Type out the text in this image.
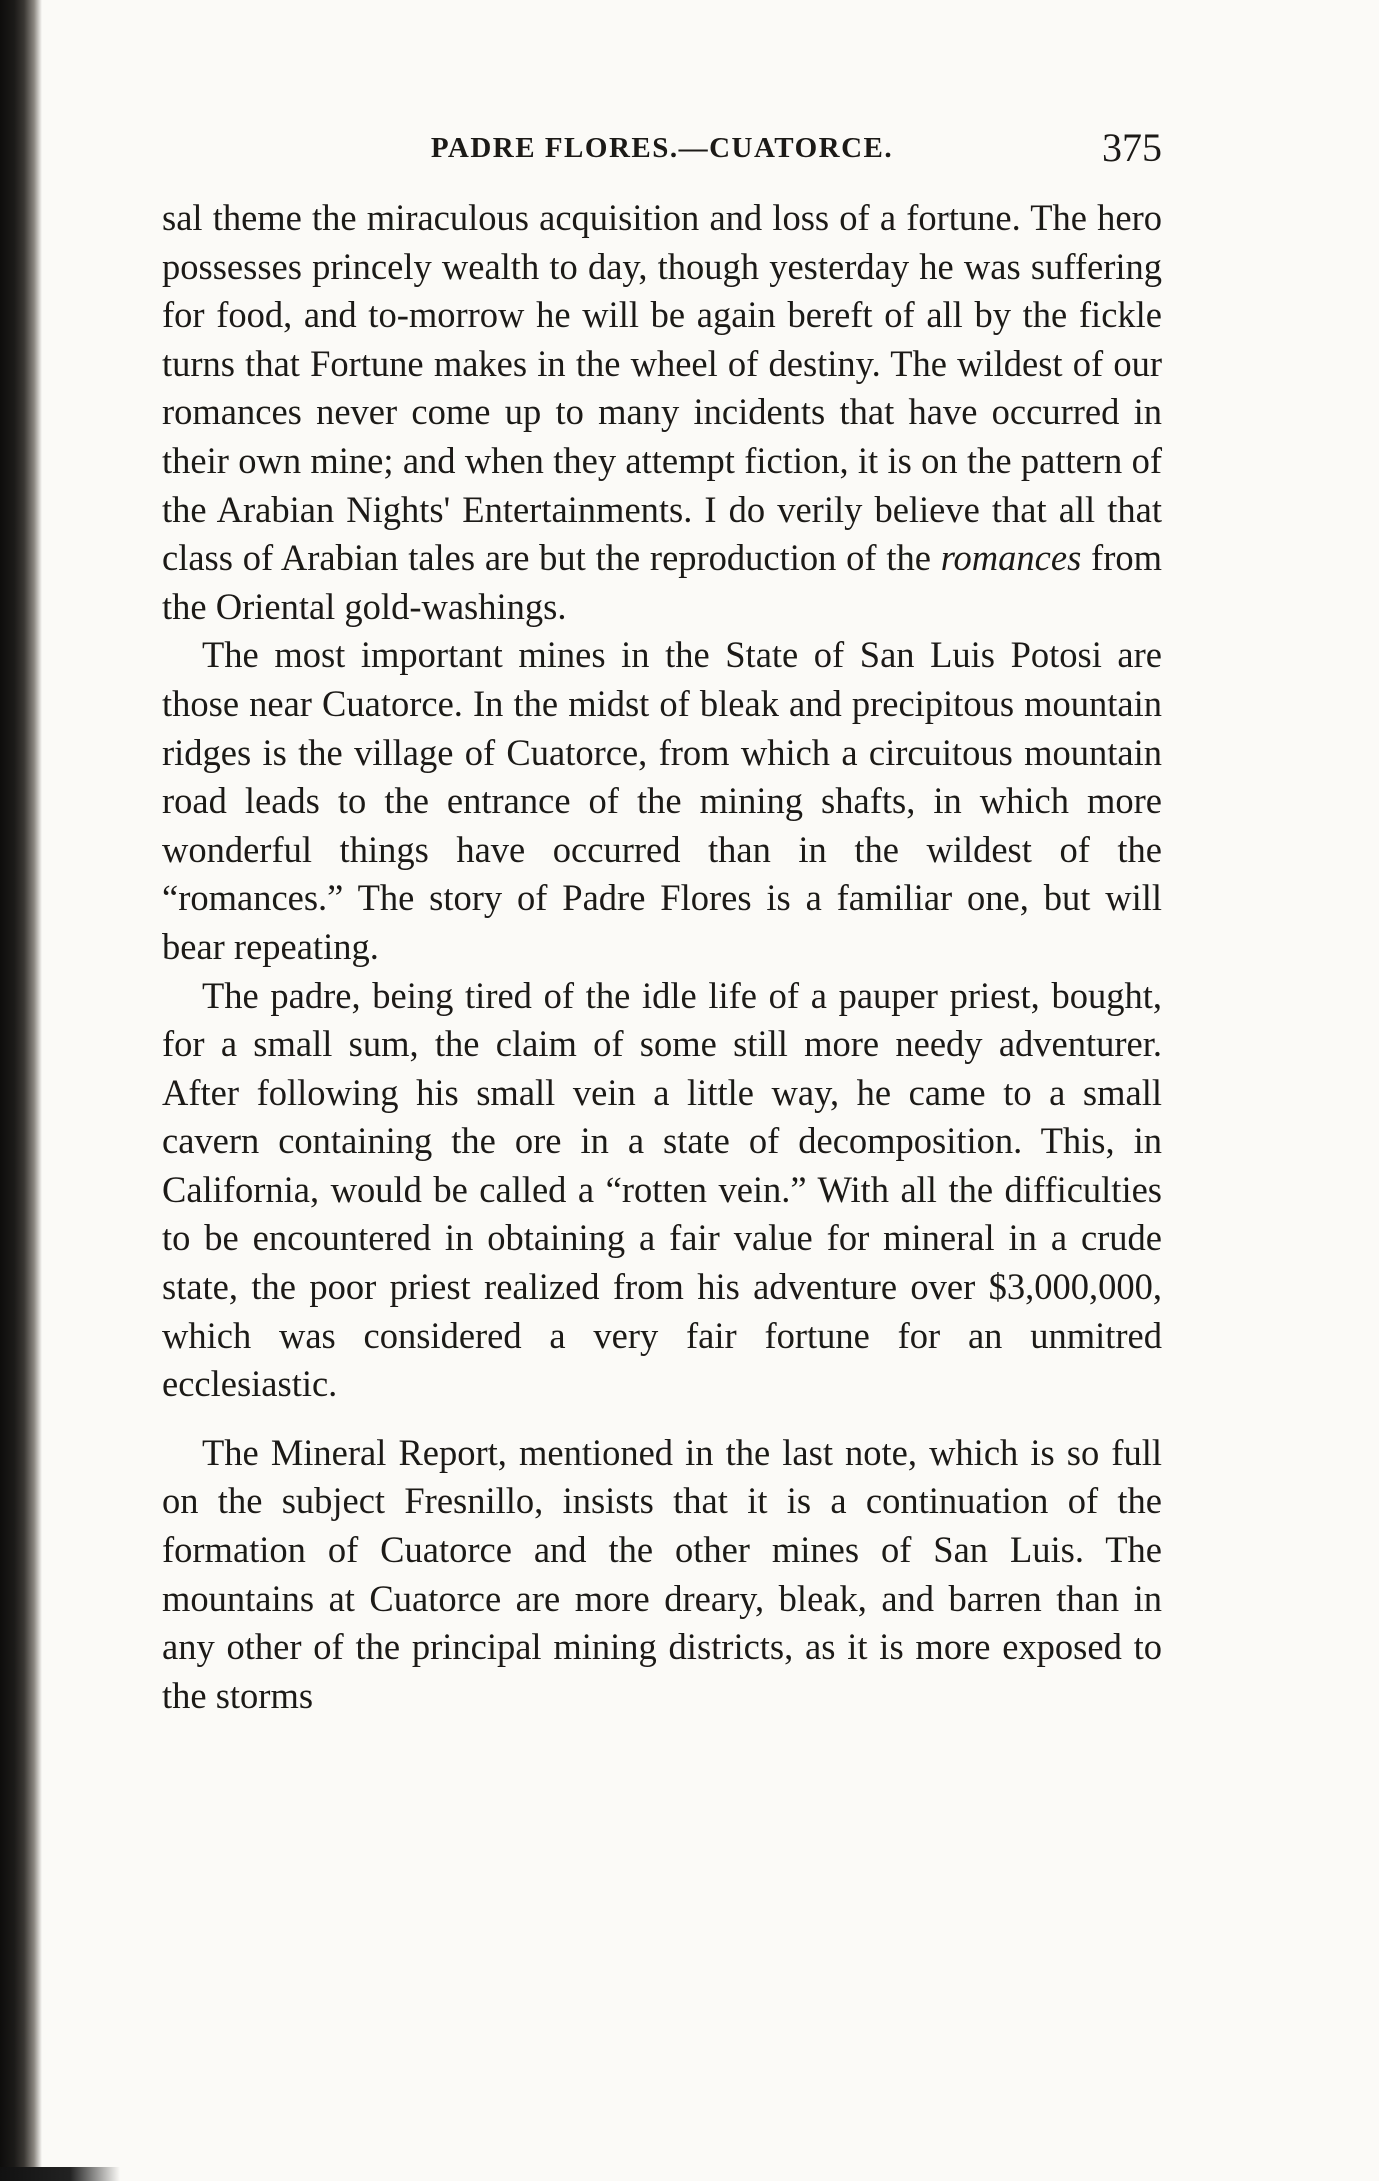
PADRE FLORES.—CUATORCE.	375

sal theme the miraculous acquisition and loss of a fortune. The hero possesses princely wealth to day, though yesterday he was suffering for food, and to-morrow he will be again bereft of all by the fickle turns that Fortune makes in the wheel of destiny. The wildest of our romances never come up to many incidents that have occurred in their own mine; and when they attempt fiction, it is on the pattern of the Arabian Nights' Entertainments. I do verily believe that all that class of Arabian tales are but the reproduction of the romances from the Oriental gold-washings.

The most important mines in the State of San Luis Potosi are those near Cuatorce. In the midst of bleak and precipitous mountain ridges is the village of Cuatorce, from which a circuitous mountain road leads to the entrance of the mining shafts, in which more wonderful things have occurred than in the wildest of the “romances.” The story of Padre Flores is a familiar one, but will bear repeating.

The padre, being tired of the idle life of a pauper priest, bought, for a small sum, the claim of some still more needy adventurer. After following his small vein a little way, he came to a small cavern containing the ore in a state of decomposition. This, in California, would be called a “rotten vein.” With all the difficulties to be encountered in obtaining a fair value for mineral in a crude state, the poor priest realized from his adventure over $3,000,000, which was considered a very fair fortune for an unmitred ecclesiastic.

The Mineral Report, mentioned in the last note, which is so full on the subject Fresnillo, insists that it is a continuation of the formation of Cuatorce and the other mines of San Luis. The mountains at Cuatorce are more dreary, bleak, and barren than in any other of the principal mining districts, as it is more exposed to the storms
